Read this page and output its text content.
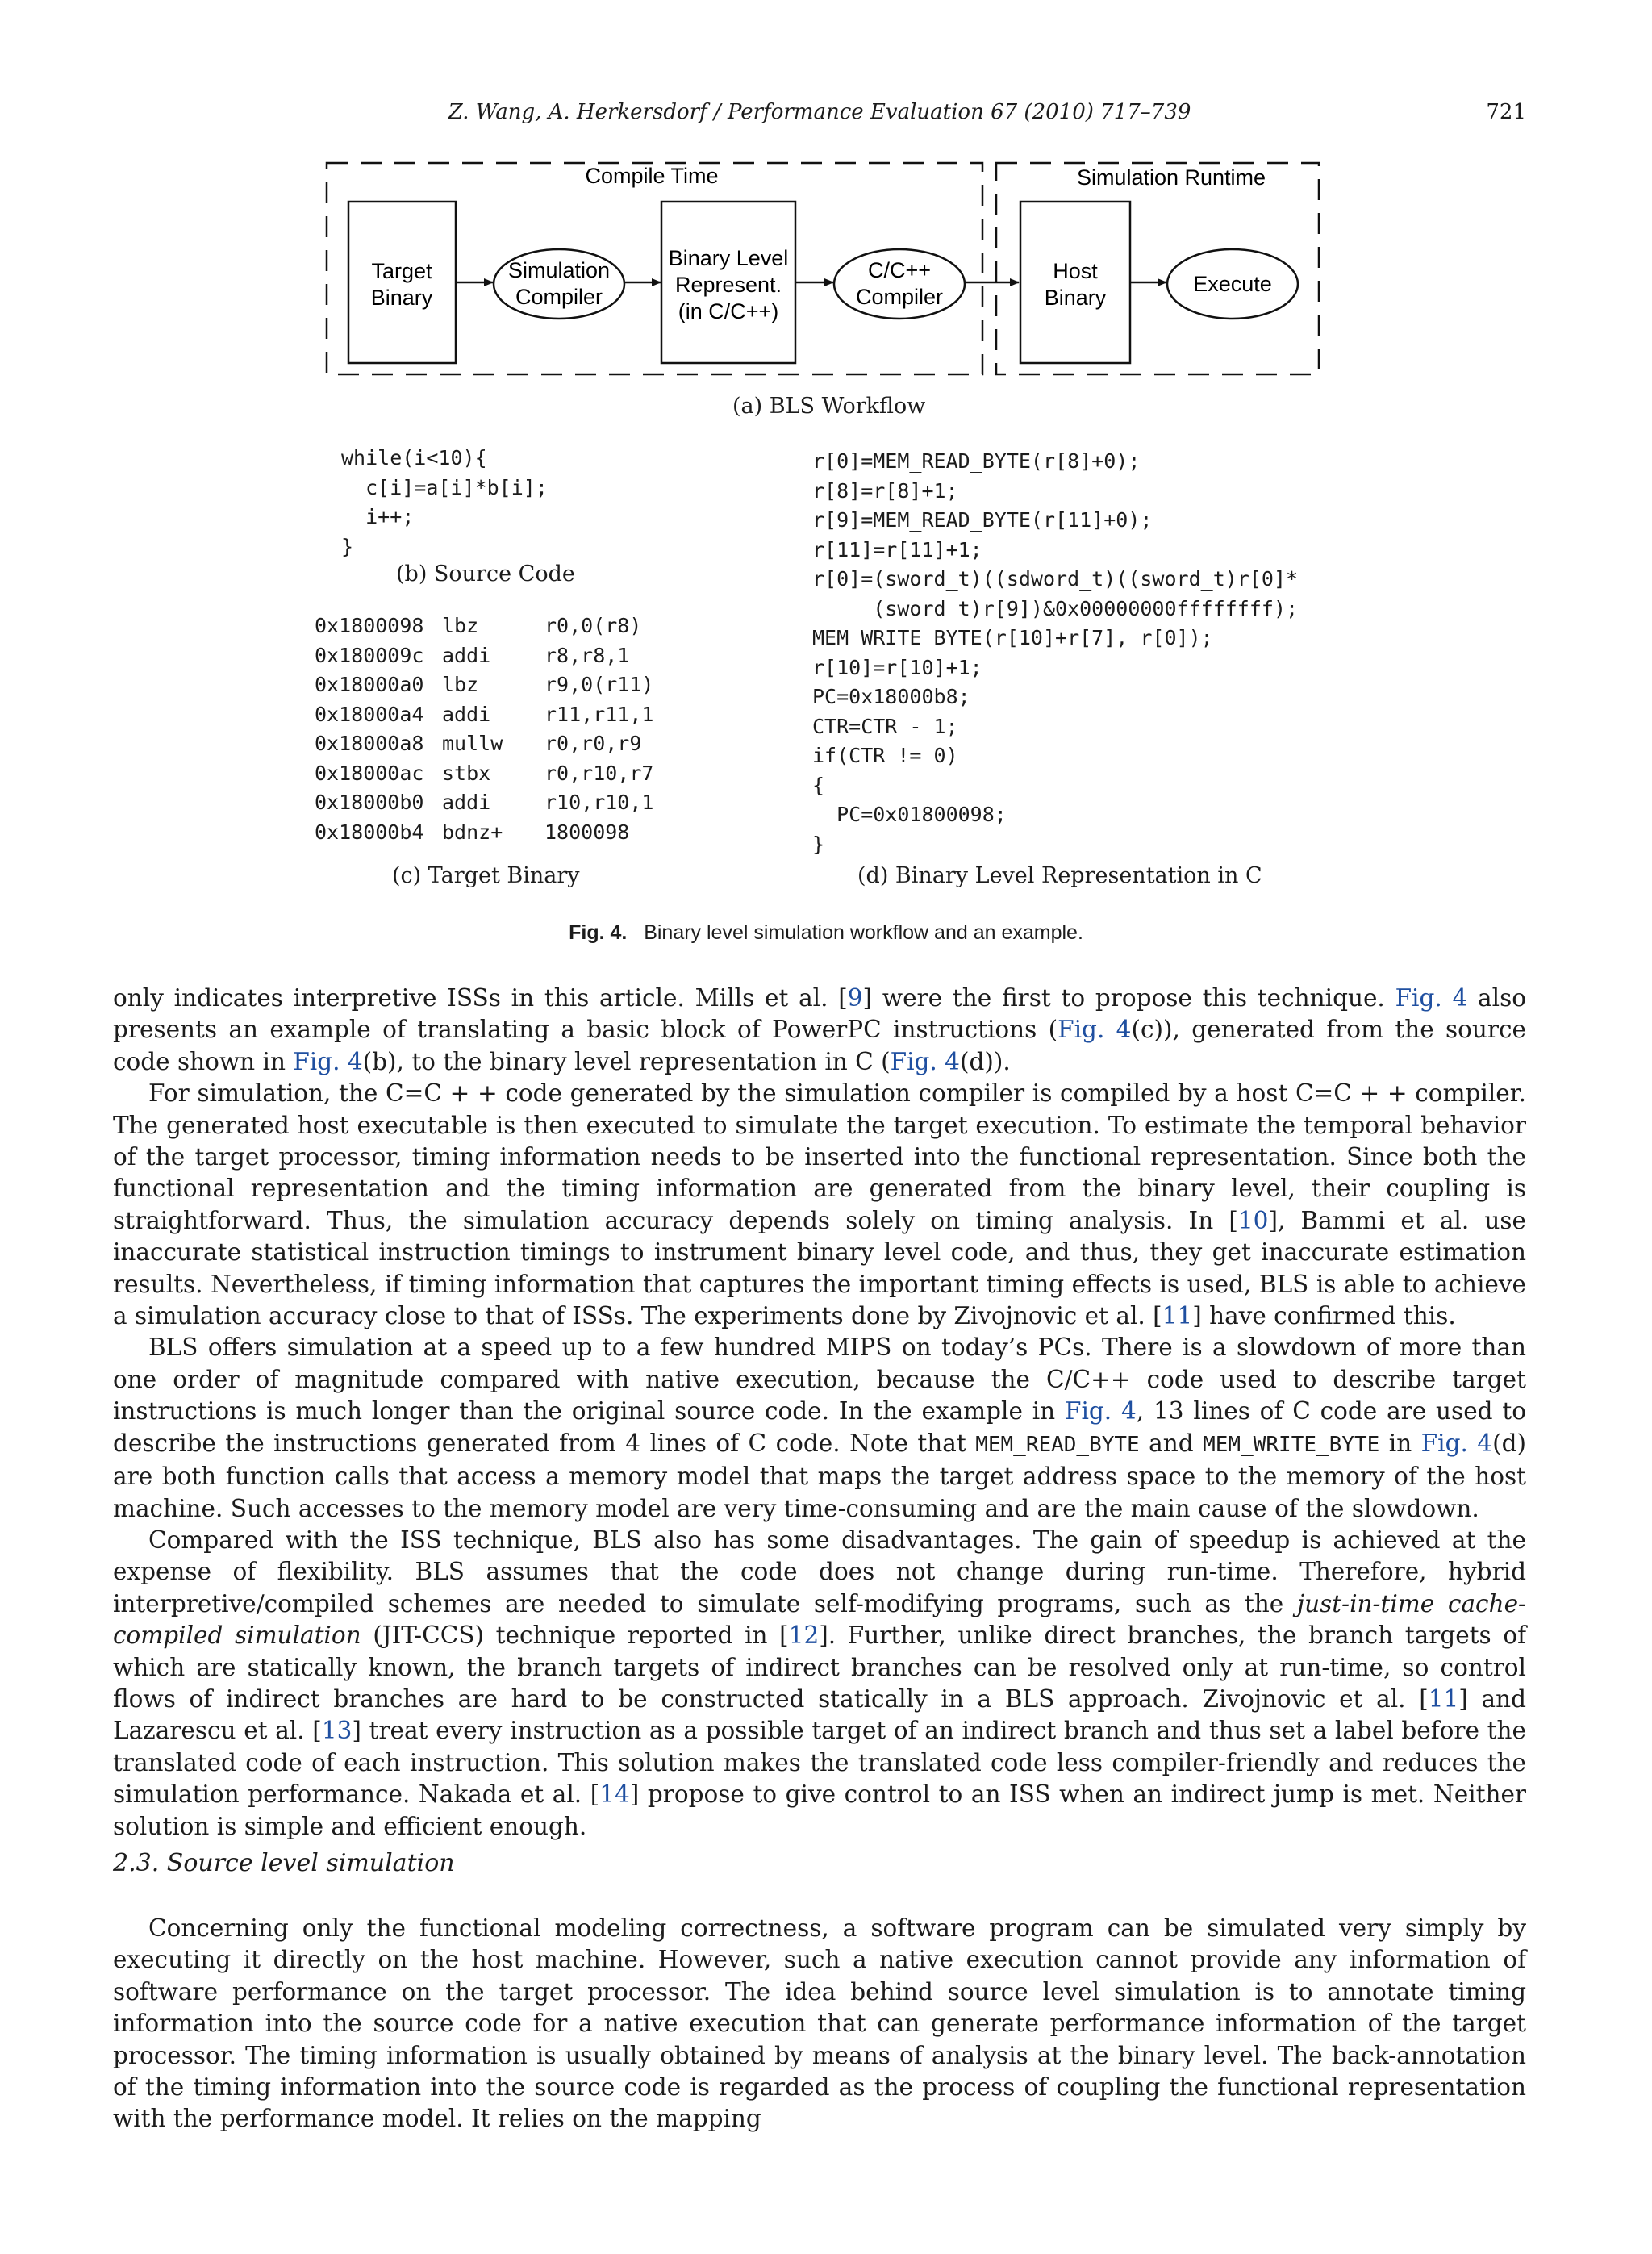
Z. Wang, A. Herkersdorf / Performance Evaluation 67 (2010) 717–739	721
Compile Time	Simulation Runtime
Target
Binary
Simulation
Compiler
Binary Level
Represent.
(in C/C++)
C/C++
Compiler
Host
Binary
Execute
(a) BLS Workflow
while(i<10){
c[i]=a[i]*b[i];
i++;
}
(b) Source Code
0x1800098 lbz	r0,0(r8)
0x180009c addi	r8,r8,1
0x18000a0 lbz	r9,0(r11)
0x18000a4 addi	r11,r11,1
0x18000a8 mullw r0,r0,r9
0x18000ac stbx	r0,r10,r7
0x18000b0 addi	r10,r10,1
0x18000b4 bdnz+ 1800098
(c) Target Binary
r[0]=MEM_READ_BYTE(r[8]+0);
r[8]=r[8]+1;
r[9]=MEM_READ_BYTE(r[11]+0);
r[11]=r[11]+1;
r[0]=(sword_t)((sdword_t)((sword_t)r[0]*
(sword_t)r[9])&0x00000000ffffffff);
MEM_WRITE_BYTE(r[10]+r[7], r[0]);
r[10]=r[10]+1;
PC=0x18000b8;
CTR=CTR - 1;
if(CTR != 0)
{
PC=0x01800098;
}
(d) Binary Level Representation in C
Fig. 4. Binary level simulation workflow and an example.

only indicates interpretive ISSs in this article. Mills et al. [9] were the first to propose this technique. Fig. 4 also presents an example of translating a basic block of PowerPC instructions (Fig. 4(c)), generated from the source code shown in Fig. 4(b), to the binary level representation in C (Fig. 4(d)).

For simulation, the C=C + + code generated by the simulation compiler is compiled by a host C=C + + compiler. The generated host executable is then executed to simulate the target execution. To estimate the temporal behavior of the target processor, timing information needs to be inserted into the functional representation. Since both the functional representation and the timing information are generated from the binary level, their coupling is straightforward. Thus, the simulation accuracy depends solely on timing analysis. In [10], Bammi et al. use inaccurate statistical instruction timings to instrument binary level code, and thus, they get inaccurate estimation results. Nevertheless, if timing information that captures the important timing effects is used, BLS is able to achieve a simulation accuracy close to that of ISSs. The experiments done by Zivojnovic et al. [11] have confirmed this.

BLS offers simulation at a speed up to a few hundred MIPS on today’s PCs. There is a slowdown of more than one order of magnitude compared with native execution, because the C/C++ code used to describe target instructions is much longer than the original source code. In the example in Fig. 4, 13 lines of C code are used to describe the instructions generated from 4 lines of C code. Note that MEM_READ_BYTE and MEM_WRITE_BYTE in Fig. 4(d) are both function calls that access a memory model that maps the target address space to the memory of the host machine. Such accesses to the memory model are very time-consuming and are the main cause of the slowdown.

Compared with the ISS technique, BLS also has some disadvantages. The gain of speedup is achieved at the expense of flexibility. BLS assumes that the code does not change during run-time. Therefore, hybrid interpretive/compiled schemes are needed to simulate self-modifying programs, such as the just-in-time cache-compiled simulation (JIT-CCS) technique reported in [12]. Further, unlike direct branches, the branch targets of which are statically known, the branch targets of indirect branches can be resolved only at run-time, so control flows of indirect branches are hard to be constructed statically in a BLS approach. Zivojnovic et al. [11] and Lazarescu et al. [13] treat every instruction as a possible target of an indirect branch and thus set a label before the translated code of each instruction. This solution makes the translated code less compiler-friendly and reduces the simulation performance. Nakada et al. [14] propose to give control to an ISS when an indirect jump is met. Neither solution is simple and efficient enough.

2.3. Source level simulation

Concerning only the functional modeling correctness, a software program can be simulated very simply by executing it directly on the host machine. However, such a native execution cannot provide any information of software performance on the target processor. The idea behind source level simulation is to annotate timing information into the source code for a native execution that can generate performance information of the target processor. The timing information is usually obtained by means of analysis at the binary level. The back-annotation of the timing information into the source code is regarded as the process of coupling the functional representation with the performance model. It relies on the mapping
